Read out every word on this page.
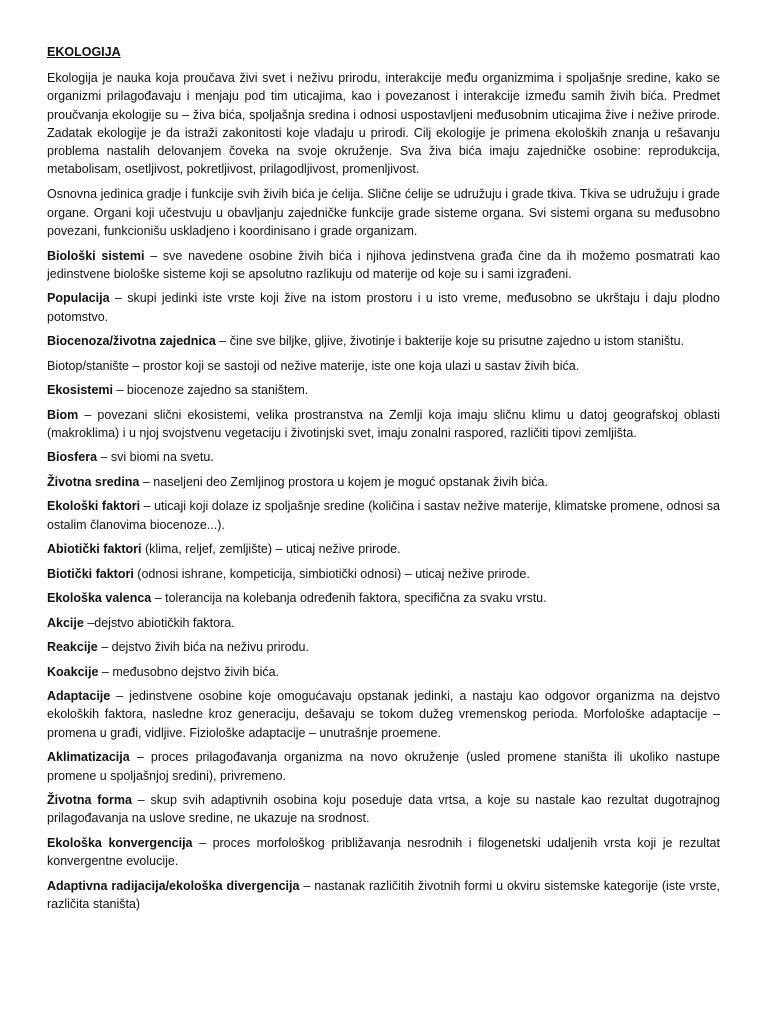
EKOLOGIJA

Ekologija je nauka koja proučava živi svet i neživu prirodu, interakcije među organizmima i spoljašnje sredine, kako se organizmi prilagođavaju i menjaju pod tim uticajima, kao i povezanost i interakcije između samih živih bića. Predmet proučvanja ekologije su – živa bića, spoljašnja sredina i odnosi uspostavljeni međusobnim uticajima žive i nežive prirode. Zadatak ekologije je da istraži zakonitosti koje vladaju u prirodi. Cilj ekologije je primena ekoloških znanja u rešavanju problema nastalih delovanjem čoveka na svoje okruženje. Sva živa bića imaju zajedničke osobine: reprodukcija, metabolisam, osetljivost, pokretljivost, prilagodljivost, promenljivost.

Osnovna jedinica gradje i funkcije svih živih bića je ćelija. Slične ćelije se udružuju i grade tkiva. Tkiva se udružuju i grade organe. Organi koji učestvuju u obavljanju zajedničke funkcije grade sisteme organa. Svi sistemi organa su međusobno povezani, funkcionišu uskladjeno i koordinisano i grade organizam.

Biološki sistemi – sve navedene osobine živih bića i njihova jedinstvena građa čine da ih možemo posmatrati kao jedinstvene biološke sisteme koji se apsolutno razlikuju od materije od koje su i sami izgrađeni.

Populacija – skupi jedinki iste vrste koji žive na istom prostoru i u isto vreme, međusobno se ukrštaju i daju plodno potomstvo.

Biocenoza/životna zajednica – čine sve biljke, gljive, životinje i bakterije koje su prisutne zajedno u istom staništu.

Biotop/stanište – prostor koji se sastoji od nežive materije, iste one koja ulazi u sastav živih bića.

Ekosistemi – biocenoze zajedno sa staništem.

Biom – povezani slični ekosistemi, velika prostranstva na Zemlji koja imaju sličnu klimu u datoj geografskoj oblasti (makroklima) i u njoj svojstvenu vegetaciju i životinjski svet, imaju zonalni raspored, različiti tipovi zemljišta.

Biosfera – svi biomi na svetu.

Životna sredina – naseljeni deo Zemljinog prostora u kojem je moguć opstanak živih bića.

Ekološki faktori – uticaji koji dolaze iz spoljašnje sredine (količina i sastav nežive materije, klimatske promene, odnosi sa ostalim članovima biocenoze...).

Abiotički faktori (klima, reljef, zemljište) – uticaj nežive prirode.

Biotički faktori (odnosi ishrane, kompeticija, simbiotički odnosi) – uticaj nežive prirode.

Ekološka valenca – tolerancija na kolebanja određenih faktora, specifična za svaku vrstu.

Akcije –dejstvo abiotičkih faktora.

Reakcije – dejstvo živih bića na neživu prirodu.

Koakcije – međusobno dejstvo živih bića.

Adaptacije – jedinstvene osobine koje omogućavaju opstanak jedinki, a nastaju kao odgovor organizma na dejstvo ekoloških faktora, nasledne kroz generaciju, dešavaju se tokom dužeg vremenskog perioda. Morfološke adaptacije – promena u građi, vidljive. Fiziološke adaptacije – unutrašnje proemene.

Aklimatizacija – proces prilagođavanja organizma na novo okruženje (usled promene staništa ili ukoliko nastupe promene u spoljašnjoj sredini), privremeno.

Životna forma – skup svih adaptivnih osobina koju poseduje data vrtsa, a koje su nastale kao rezultat dugotrajnog prilagođavanja na uslove sredine, ne ukazuje na srodnost.

Ekološka konvergencija – proces morfološkog približavanja nesrodnih i filogenetski udaljenih vrsta koji je rezultat konvergentne evolucije.

Adaptivna radijacija/ekološka divergencija – nastanak različitih životnih formi u okviru sistemske kategorije (iste vrste, različita staništa)
